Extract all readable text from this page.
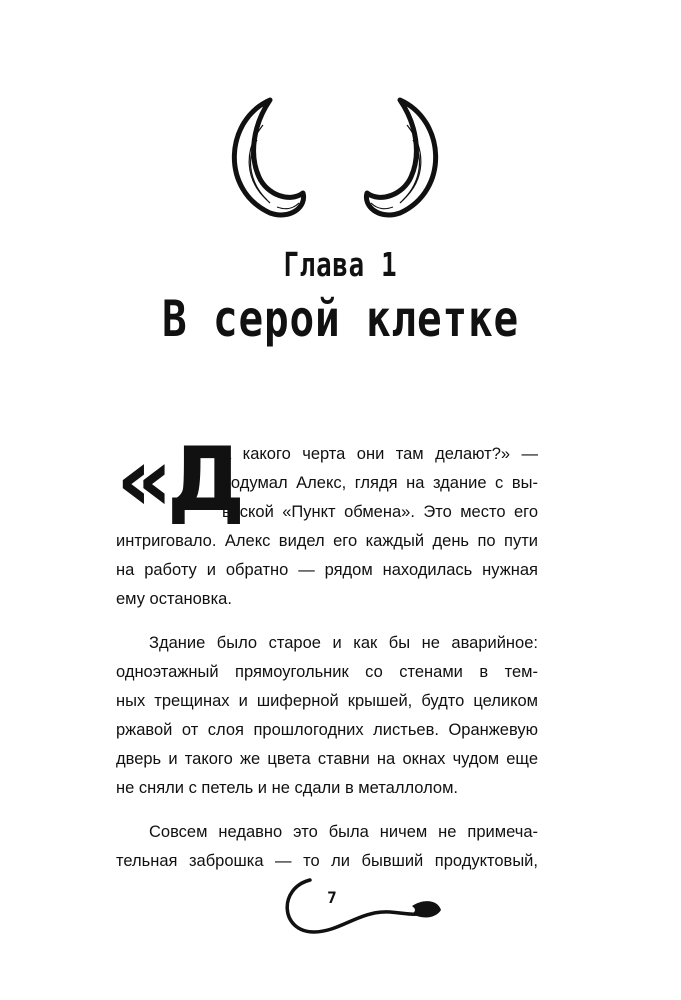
Глава 1
В серой клетке
«Д
а какого черта они там делают?» —
подумал Алекс, глядя на здание с вы-
веской «Пункт обмена». Это место его
интриговало. Алекс видел его каждый день по пути
на работу и обратно — рядом находилась нужная
ему остановка.
Здание было старое и как бы не аварийное:
одноэтажный прямоугольник со стенами в тем-
ных трещинах и шиферной крышей, будто целиком
ржавой от слоя прошлогодних листьев. Оранжевую
дверь и такого же цвета ставни на окнах чудом еще
не сняли с петель и не сдали в металлолом.
Совсем недавно это была ничем не примеча-
тельная заброшка — то ли бывший продуктовый,
7
